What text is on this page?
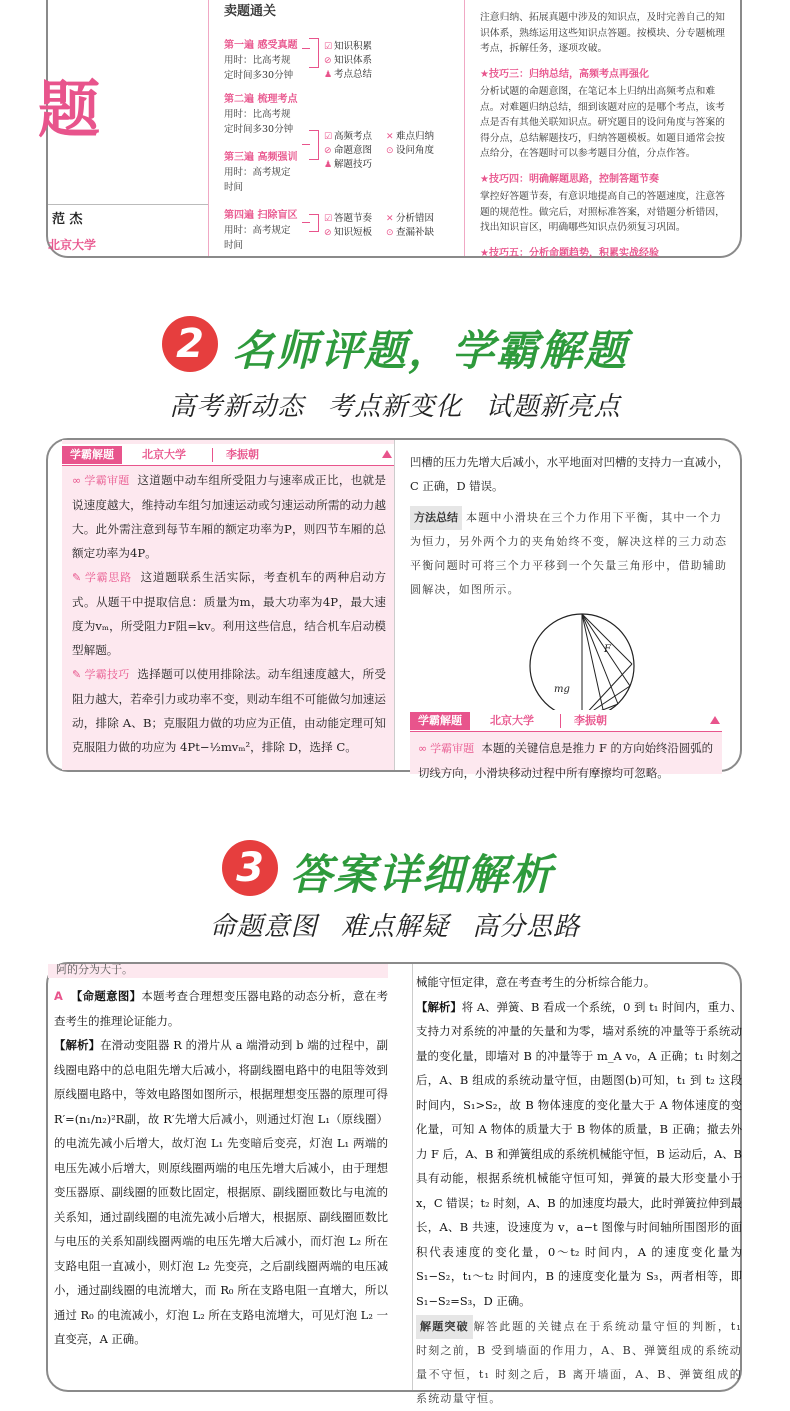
题
范 杰
北京大学
卖题通关
第一遍 感受真题
用时：比高考规
定时间多30分钟
☑ 知识积累
⊘ 知识体系
♟ 考点总结
第二遍 梳理考点
用时：比高考规
定时间多30分钟
第三遍 高频强训
用时：高考规定
时间
☑ 高频考点 ✕ 难点归纳
⊘ 命题意图 ⊙ 设问角度
♟ 解题技巧
第四遍 扫除盲区
用时：高考规定
时间
☑ 答题节奏 ✕ 分析错因
⊘ 知识短板 ⊙ 查漏补缺
注意归纳、拓展真题中涉及的知识点，及时完善自己的知识体系，熟练运用这些知识点答题。按模块、分专题梳理考点，拆解任务，逐项攻破。
★技巧三：归纳总结，高频考点再强化
分析试题的命题意图，在笔记本上归纳出高频考点和难点。对难题归纳总结，细到该题对应的是哪个考点，该考点是否有其他关联知识点。研究题目的设问角度与答案的得分点，总结解题技巧，归纳答题模板。如题目通常会按点给分，在答题时可以参考题目分值，分点作答。
★技巧四：明确解题思路，控制答题节奏
掌控好答题节奏，有意识地提高自己的答题速度，注意答题的规范性。做完后，对照标准答案，对错题分析错因，找出知识盲区，明确哪些知识点仍须复习巩固。
★技巧五：分析命题趋势，积累实战经验
2 名师评题，学霸解题
高考新动态 考点新变化 试题新亮点
学霸解题	北京大学	李振朝
∞ 学霸审题 这道题中动车组所受阻力与速率成正比，也就是说速度越大，维持动车组匀加速运动或匀速运动所需的动力越大。此外需注意到每节车厢的额定功率为P，则四节车厢的总额定功率为4P。
✎ 学霸思路 这道题联系生活实际，考查机车的两种启动方式。从题干中提取信息：质量为m，最大功率为4P，最大速度为vₘ，所受阻力F阻=kv。利用这些信息，结合机车启动模型解题。
✎ 学霸技巧 选择题可以使用排除法。动车组速度越大，所受阻力越大，若牵引力或功率不变，则动车组不可能做匀加速运动，排除 A、B；克服阻力做的功应为正值，由动能定理可知克服阻力做的功应为 4Pt−½mvₘ²，排除 D，选择 C。
凹槽的压力先增大后减小，水平地面对凹槽的支持力一直减小，C 正确，D 错误。
方法总结 本题中小滑块在三个力作用下平衡，其中一个力为恒力，另外两个力的夹角始终不变，解决这样的三力动态平衡问题时可将三个力平移到一个矢量三角形中，借助辅助圆解决，如图所示。
F
mg
学霸解题	北京大学	李振朝
∞ 学霸审题 本题的关键信息是推力 F 的方向始终沿圆弧的切线方向，小滑块移动过程中所有摩擦均可忽略。
3 答案详细解析
命题意图 难点解疑 高分思路
阿的分为大于。
A 【命题意图】本题考查合理想变压器电路的动态分析，意在考查考生的推理论证能力。
【解析】在滑动变阻器 R 的滑片从 a 端滑动到 b 端的过程中，副线圈电路中的总电阻先增大后减小，将副线圈电路中的电阻等效到原线圈电路中，等效电路图如图所示，根据理想变压器的原理可得 R′=(n₁/n₂)²R副，故 R′先增大后减小，则通过灯泡 L₁（原线圈）的电流先减小后增大，故灯泡 L₁ 先变暗后变亮，灯泡 L₁ 两端的电压先减小后增大，则原线圈两端的电压先增大后减小，由于理想变压器原、副线圈的匝数比固定，根据原、副线圈匝数比与电流的关系知，通过副线圈的电流先减小后增大，根据原、副线圈匝数比与电压的关系知副线圈两端的电压先增大后减小，而灯泡 L₂ 所在支路电阻一直减小，则灯泡 L₂ 先变亮，之后副线圈两端的电压减小，通过副线圈的电流增大，而 R₀ 所在支路电阻一直增大，所以通过 R₀ 的电流减小，灯泡 L₂ 所在支路电流增大，可见灯泡 L₂ 一直变亮，A 正确。
械能守恒定律，意在考查考生的分析综合能力。
【解析】将 A、弹簧、B 看成一个系统，0 到 t₁ 时间内，重力、支持力对系统的冲量的矢量和为零，墙对系统的冲量等于系统动量的变化量，即墙对 B 的冲量等于 m_A v₀，A 正确；t₁ 时刻之后，A、B 组成的系统动量守恒，由题图(b)可知，t₁ 到 t₂ 这段时间内，S₁>S₂，故 B 物体速度的变化量大于 A 物体速度的变化量，可知 A 物体的质量大于 B 物体的质量，B 正确；撤去外力 F 后，A、B 和弹簧组成的系统机械能守恒，B 运动后，A、B 具有动能，根据系统机械能守恒可知，弹簧的最大形变量小于 x，C 错误；t₂ 时刻，A、B 的加速度均最大，此时弹簧拉伸到最长，A、B 共速，设速度为 v，a−t 图像与时间轴所围图形的面积代表速度的变化量，0～t₂ 时间内，A 的速度变化量为 S₁−S₂，t₁～t₂ 时间内，B 的速度变化量为 S₃，两者相等，即 S₁−S₂=S₃，D 正确。
解题突破 解答此题的关键点在于系统动量守恒的判断，t₁ 时刻之前，B 受到墙面的作用力，A、B、弹簧组成的系统动量不守恒，t₁ 时刻之后，B 离开墙面，A、B、弹簧组成的系统动量守恒。
